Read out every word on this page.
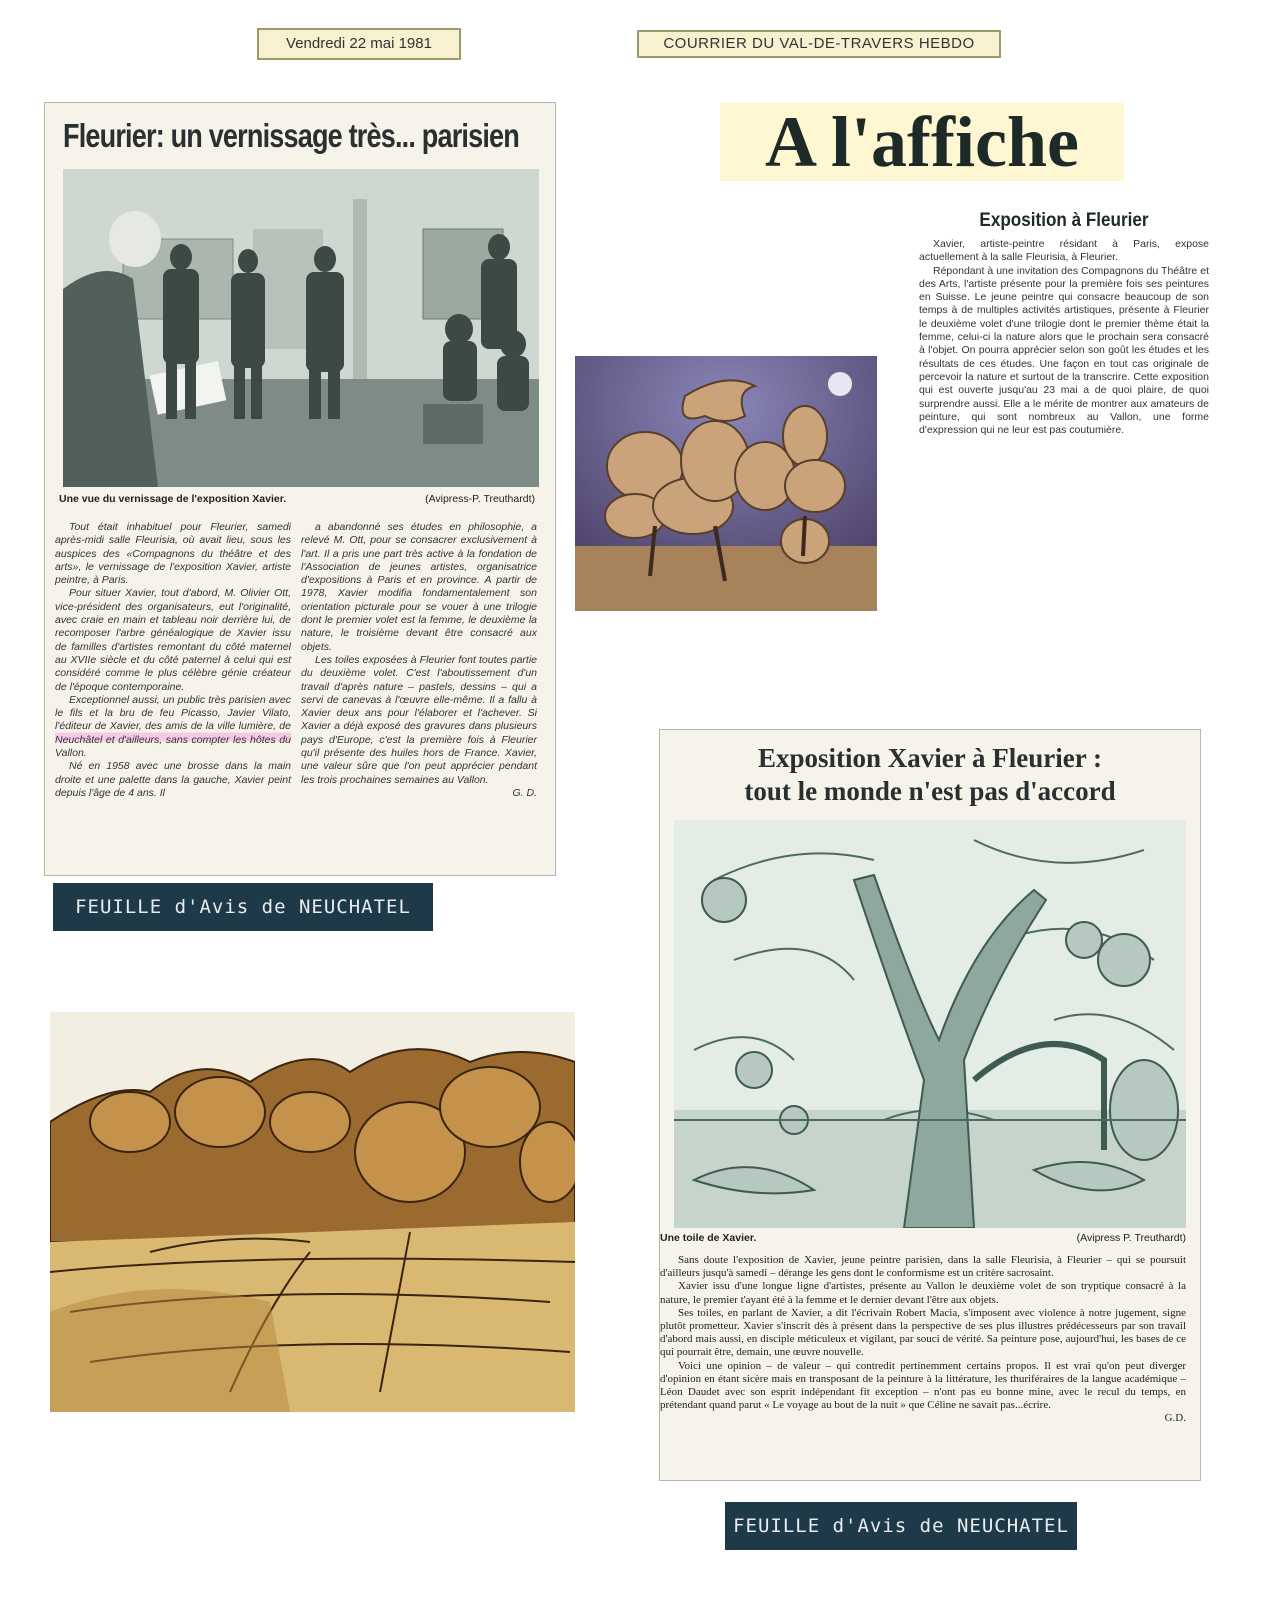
Vendredi 22 mai 1981	COURRIER DU VAL-DE-TRAVERS HEBDO
Fleurier: un vernissage très... parisien
Une vue du vernissage de l'exposition Xavier.	(Avipress-P. Treuthardt)

Tout était inhabituel pour Fleurier, samedi après-midi salle Fleurisia, où avait lieu, sous les auspices des «Compagnons du théâtre et des arts», le vernissage de l'exposition Xavier, artiste peintre, à Paris.

Pour situer Xavier, tout d'abord, M. Olivier Ott, vice-président des organisateurs, eut l'originalité, avec craie en main et tableau noir derrière lui, de recomposer l'arbre généalogique de Xavier issu de familles d'artistes remontant du côté maternel au XVIIe siècle et du côté paternel à celui qui est considéré comme le plus célèbre génie créateur de l'époque contemporaine.

Exceptionnel aussi, un public très parisien avec le fils et la bru de feu Picasso, Javier Vilato, l'éditeur de Xavier, des amis de la ville lumière, de Neuchâtel et d'ailleurs, sans compter les hôtes du Vallon.

Né en 1958 avec une brosse dans la main droite et une palette dans la gauche, Xavier peint depuis l'âge de 4 ans. Il

a abandonné ses études en philosophie, a relevé M. Ott, pour se consacrer exclusivement à l'art. Il a pris une part très active à la fondation de l'Association de jeunes artistes, organisatrice d'expositions à Paris et en province. A partir de 1978, Xavier modifia fondamentalement son orientation picturale pour se vouer à une trilogie dont le premier volet est la femme, le deuxième la nature, le troisième devant être consacré aux objets.

Les toiles exposées à Fleurier font toutes partie du deuxième volet. C'est l'aboutissement d'un travail d'après nature – pastels, dessins – qui a servi de canevas à l'œuvre elle-même. Il a fallu à Xavier deux ans pour l'élaborer et l'achever. Si Xavier a déjà exposé des gravures dans plusieurs pays d'Europe, c'est la première fois à Fleurier qu'il présente des huiles hors de France. Xavier, une valeur sûre que l'on peut apprécier pendant les trois prochaines semaines au Vallon.

G. D.
FEUILLE d'Avis de NEUCHATEL
A l'affiche
Exposition à Fleurier

Xavier, artiste-peintre résidant à Paris, expose actuellement à la salle Fleurisia, à Fleurier.

Répondant à une invitation des Compagnons du Théâtre et des Arts, l'artiste présente pour la première fois ses peintures en Suisse. Le jeune peintre qui consacre beaucoup de son temps à de multiples activités artistiques, présente à Fleurier le deuxième volet d'une trilogie dont le premier thème était la femme, celui-ci la nature alors que le prochain sera consacré à l'objet. On pourra apprécier selon son goût les études et les résultats de ces études. Une façon en tout cas originale de percevoir la nature et surtout de la transcrire. Cette exposition qui est ouverte jusqu'au 23 mai a de quoi plaire, de quoi surprendre aussi. Elle a le mérite de montrer aux amateurs de peinture, qui sont nombreux au Vallon, une forme d'expression qui ne leur est pas coutumière.

Exposition Xavier à Fleurier :
tout le monde n'est pas d'accord
Une toile de Xavier.	(Avipress P. Treuthardt)

Sans doute l'exposition de Xavier, jeune peintre parisien, dans la salle Fleurisia, à Fleurier – qui se poursuit d'ailleurs jusqu'à samedi – dérange les gens dont le conformisme est un critère sacrosaint.

Xavier issu d'une longue ligne d'artistes, présente au Vallon le deuxième volet de son tryptique consacré à la nature, le premier t'ayant été à la femme et le dernier devant l'être aux objets.

Ses toiles, en parlant de Xavier, a dit l'écrivain Robert Macia, s'imposent avec violence à notre jugement, signe plutôt prometteur. Xavier s'inscrit dès à présent dans la perspective de ses plus illustres prédécesseurs par son travail d'abord mais aussi, en disciple méticuleux et vigilant, par souci de vérité. Sa peinture pose, aujourd'hui, les bases de ce qui pourrait être, demain, une œuvre nouvelle.

Voici une opinion – de valeur – qui contredit pertinemment certains propos. Il est vrai qu'on peut diverger d'opinion en étant sicère mais en transposant de la peinture à la littérature, les thuriféraires de la langue académique – Léon Daudet avec son esprit indépendant fit exception – n'ont pas eu bonne mine, avec le recul du temps, en prétendant quand parut « Le voyage au bout de la nuit » que Céline ne savait pas...écrire.

G.D.
FEUILLE d'Avis de NEUCHATEL
